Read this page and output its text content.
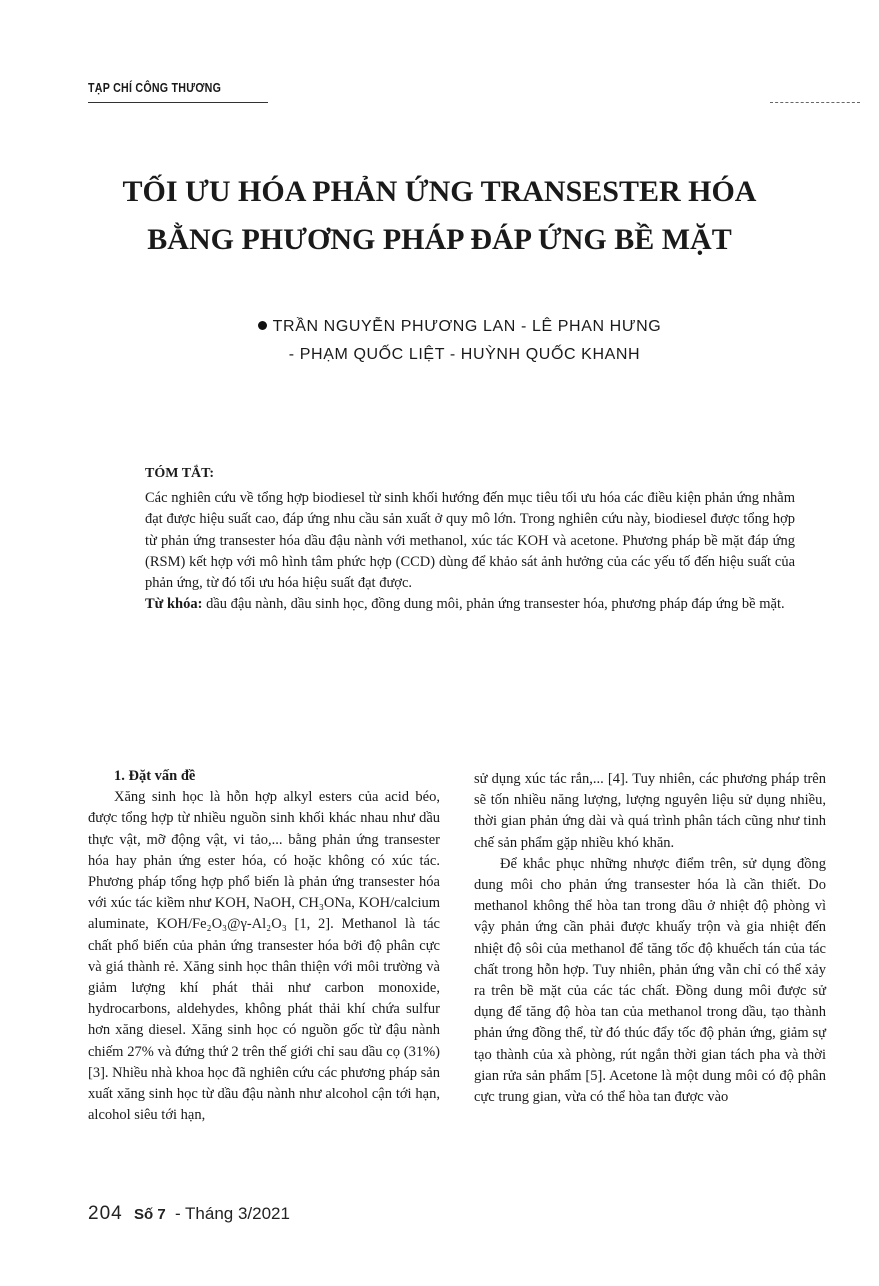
TẠP CHÍ CÔNG THƯƠNG
TỐI ƯU HÓA PHẢN ỨNG TRANSESTER HÓA
BẰNG PHƯƠNG PHÁP ĐÁP ỨNG BỀ MẶT
TRẦN NGUYỄN PHƯƠNG LAN - LÊ PHAN HƯNG
- PHẠM QUỐC LIỆT - HUỲNH QUỐC KHANH
TÓM TẮT:

Các nghiên cứu về tổng hợp biodiesel từ sinh khối hướng đến mục tiêu tối ưu hóa các điều kiện phản ứng nhằm đạt được hiệu suất cao, đáp ứng nhu cầu sản xuất ở quy mô lớn. Trong nghiên cứu này, biodiesel được tổng hợp từ phản ứng transester hóa dầu đậu nành với methanol, xúc tác KOH và acetone. Phương pháp bề mặt đáp ứng (RSM) kết hợp với mô hình tâm phức hợp (CCD) dùng để khảo sát ảnh hưởng của các yếu tố đến hiệu suất của phản ứng, từ đó tối ưu hóa hiệu suất đạt được.

Từ khóa: dầu đậu nành, dầu sinh học, đồng dung môi, phản ứng transester hóa, phương pháp đáp ứng bề mặt.
1. Đặt vấn đề

Xăng sinh học là hỗn hợp alkyl esters của acid béo, được tổng hợp từ nhiều nguồn sinh khối khác nhau như dầu thực vật, mỡ động vật, vi tảo,... bằng phản ứng transester hóa hay phản ứng ester hóa, có hoặc không có xúc tác. Phương pháp tổng hợp phổ biến là phản ứng transester hóa với xúc tác kiềm như KOH, NaOH, CH₃ONa, KOH/calcium aluminate, KOH/Fe₂O₃@γ-Al₂O₃ [1, 2]. Methanol là tác chất phổ biến của phản ứng transester hóa bởi độ phân cực và giá thành rẻ. Xăng sinh học thân thiện với môi trường và giảm lượng khí phát thải như carbon monoxide, hydrocarbons, aldehydes, không phát thải khí chứa sulfur hơn xăng diesel. Xăng sinh học có nguồn gốc từ đậu nành chiếm 27% và đứng thứ 2 trên thế giới chỉ sau dầu cọ (31%) [3]. Nhiều nhà khoa học đã nghiên cứu các phương pháp sản xuất xăng sinh học từ dầu đậu nành như alcohol cận tới hạn, alcohol siêu tới hạn,

sử dụng xúc tác rắn,... [4]. Tuy nhiên, các phương pháp trên sẽ tốn nhiều năng lượng, lượng nguyên liệu sử dụng nhiều, thời gian phản ứng dài và quá trình phân tách cũng như tinh chế sản phẩm gặp nhiều khó khăn.

Để khắc phục những nhược điểm trên, sử dụng đồng dung môi cho phản ứng transester hóa là cần thiết. Do methanol không thể hòa tan trong dầu ở nhiệt độ phòng vì vậy phản ứng cần phải được khuấy trộn và gia nhiệt đến nhiệt độ sôi của methanol để tăng tốc độ khuếch tán của tác chất trong hỗn hợp. Tuy nhiên, phản ứng vẫn chỉ có thể xảy ra trên bề mặt của các tác chất. Đồng dung môi được sử dụng để tăng độ hòa tan của methanol trong dầu, tạo thành phản ứng đồng thể, từ đó thúc đẩy tốc độ phản ứng, giảm sự tạo thành của xà phòng, rút ngắn thời gian tách pha và thời gian rửa sản phẩm [5]. Acetone là một dung môi có độ phân cực trung gian, vừa có thể hòa tan được vào

204 Số 7 - Tháng 3/2021
